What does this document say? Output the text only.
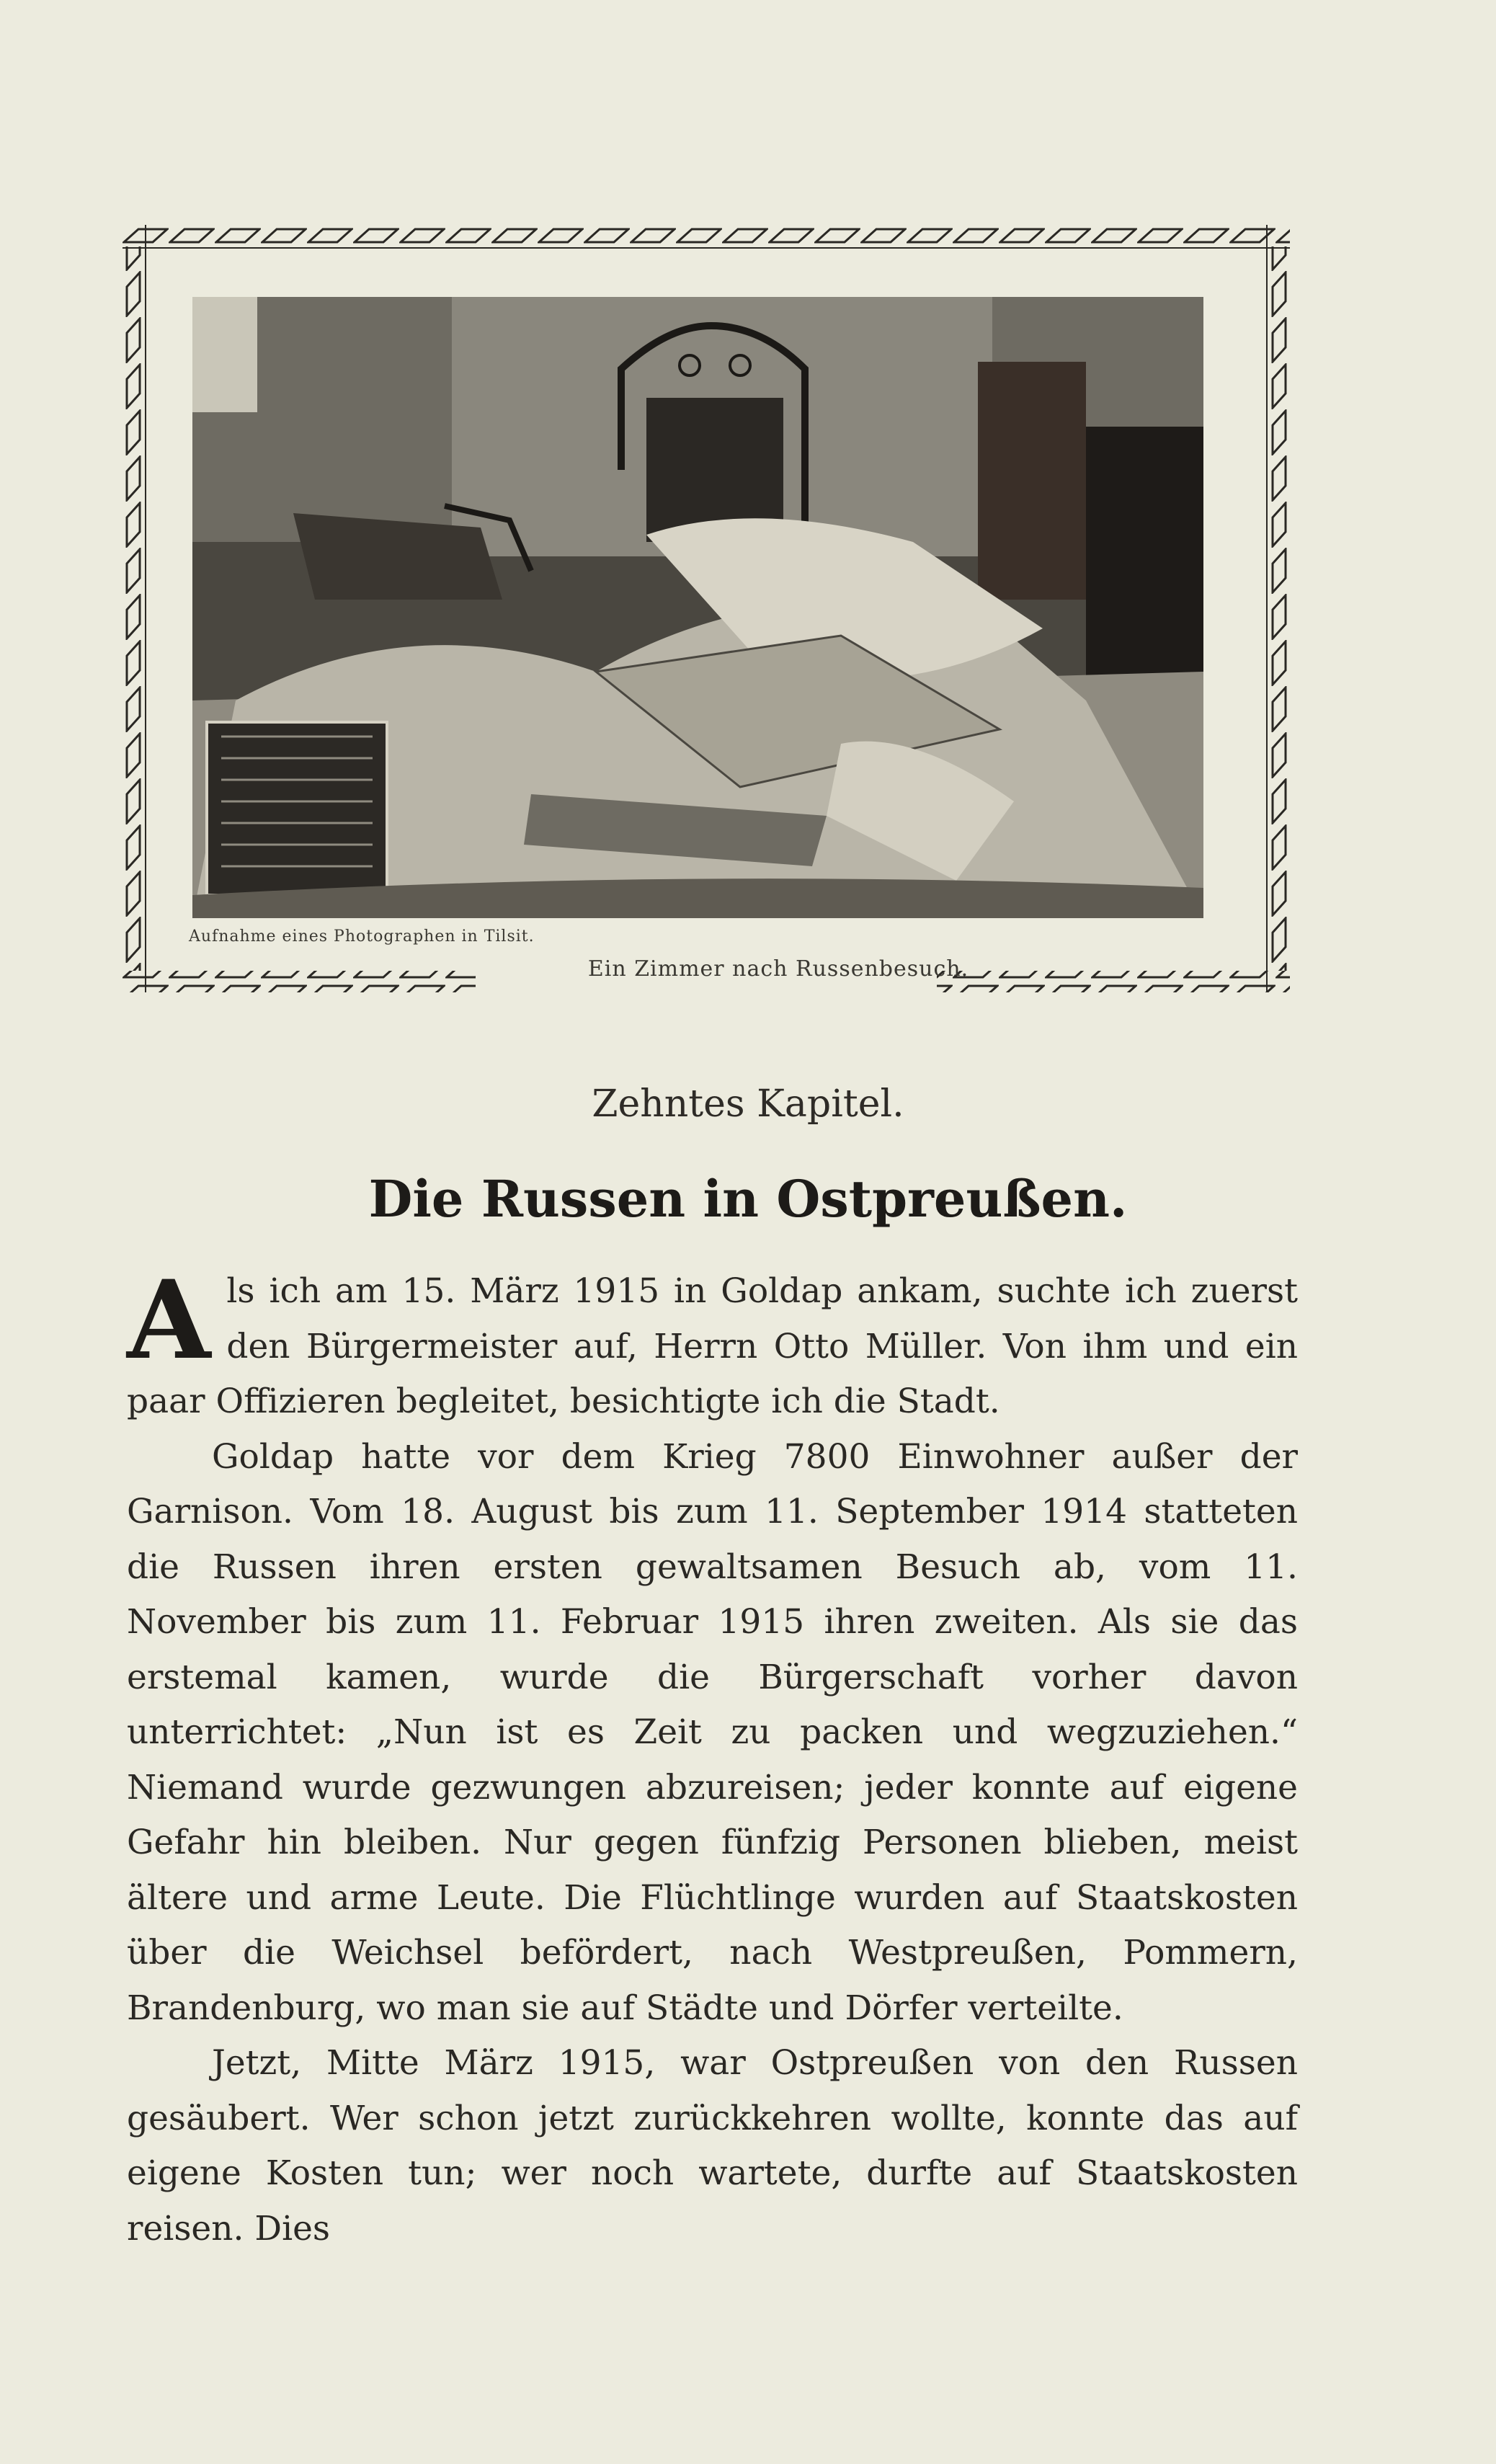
Aufnahme eines Photographen in Tilsit.
Ein Zimmer nach Russenbesuch.
Zehntes Kapitel.
Die Russen in Ostpreußen.

Als ich am 15. März 1915 in Goldap ankam, suchte ich zuerst den Bürgermeister auf, Herrn Otto Müller. Von ihm und ein paar Offizieren begleitet, besichtigte ich die Stadt.

Goldap hatte vor dem Krieg 7800 Einwohner außer der Garnison. Vom 18. August bis zum 11. September 1914 statteten die Russen ihren ersten gewaltsamen Besuch ab, vom 11. November bis zum 11. Februar 1915 ihren zweiten. Als sie das erstemal kamen, wurde die Bürgerschaft vorher davon unterrichtet: „Nun ist es Zeit zu packen und wegzuziehen.“ Niemand wurde gezwungen abzureisen; jeder konnte auf eigene Gefahr hin bleiben. Nur gegen fünfzig Personen blieben, meist ältere und arme Leute. Die Flüchtlinge wurden auf Staatskosten über die Weichsel befördert, nach Westpreußen, Pommern, Brandenburg, wo man sie auf Städte und Dörfer verteilte.

Jetzt, Mitte März 1915, war Ostpreußen von den Russen gesäubert. Wer schon jetzt zurückkehren wollte, konnte das auf eigene Kosten tun; wer noch wartete, durfte auf Staatskosten reisen. Dies
